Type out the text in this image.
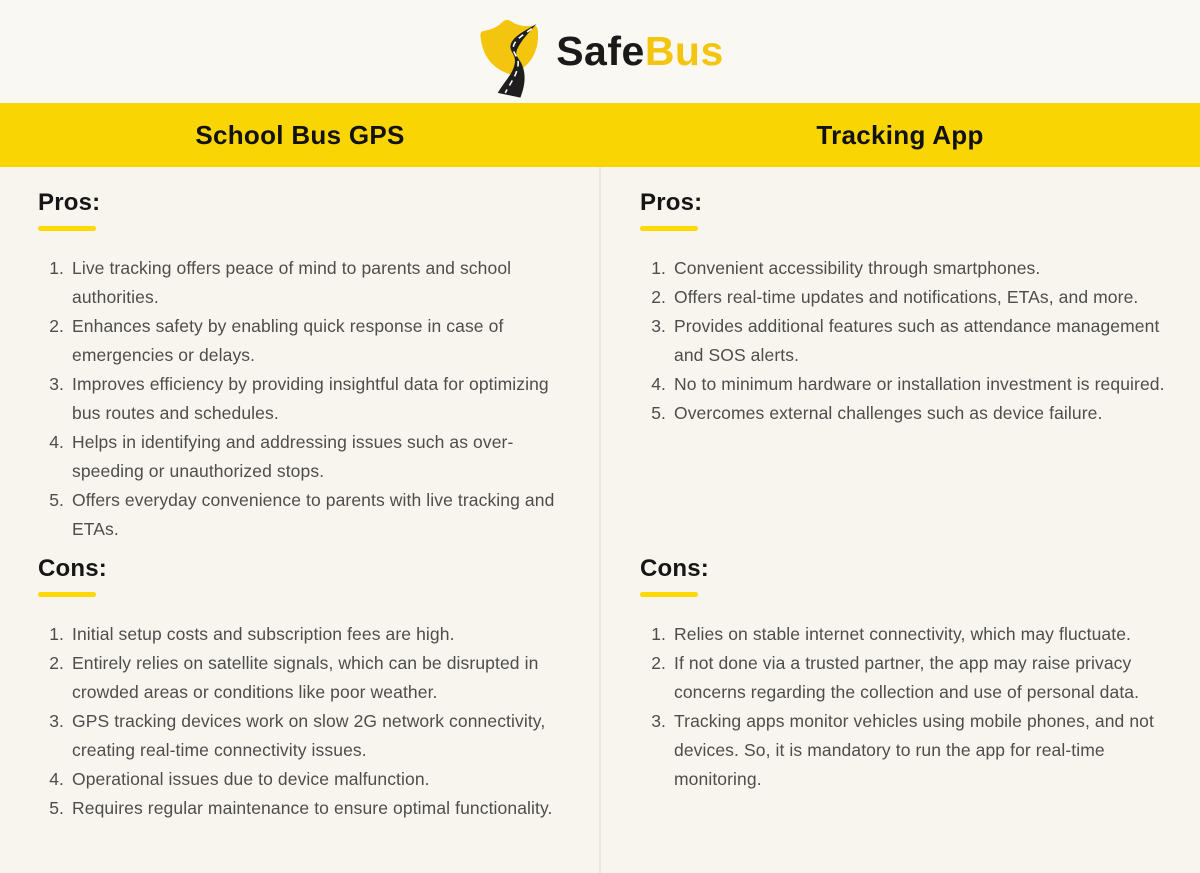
SafeBus
School Bus GPS	Tracking App
Pros:
Live tracking offers peace of mind to parents and school authorities.
Enhances safety by enabling quick response in case of emergencies or delays.
Improves efficiency by providing insightful data for optimizing bus routes and schedules.
Helps in identifying and addressing issues such as over-speeding or unauthorized stops.
Offers everyday convenience to parents with live tracking and ETAs.
Cons:
Initial setup costs and subscription fees are high.
Entirely relies on satellite signals, which can be disrupted in crowded areas or conditions like poor weather.
GPS tracking devices work on slow 2G network connectivity, creating real-time connectivity issues.
Operational issues due to device malfunction.
Requires regular maintenance to ensure optimal functionality.
Pros:
Convenient accessibility through smartphones.
Offers real-time updates and notifications, ETAs, and more.
Provides additional features such as attendance management and SOS alerts.
No to minimum hardware or installation investment is required.
Overcomes external challenges such as device failure.
Cons:
Relies on stable internet connectivity, which may fluctuate.
If not done via a trusted partner, the app may raise privacy concerns regarding the collection and use of personal data.
Tracking apps monitor vehicles using mobile phones, and not devices. So, it is mandatory to run the app for real-time monitoring.
